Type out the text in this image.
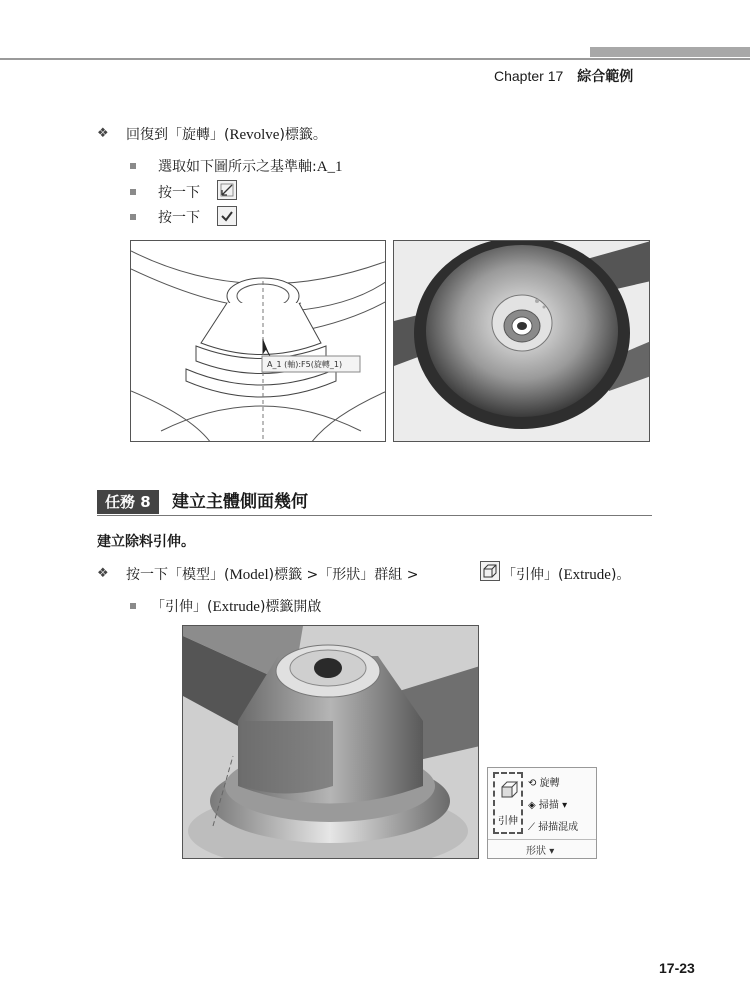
Chapter 17 綜合範例
❖ 回復到「旋轉」(Revolve)標籤。
選取如下圖所示之基準軸:A_1
按一下
按一下
A_1 (軸):F5(旋轉_1)
任務 8	建立主體側面幾何
建立除料引伸。
❖ 按一下「模型」(Model)標籤 >「形狀」群組 >	「引伸」(Extrude)。
「引伸」(Extrude)標籤開啟
引伸
⟲ 旋轉
◈ 掃描 ▾
⟋ 掃描混成
形狀 ▾
17-23
